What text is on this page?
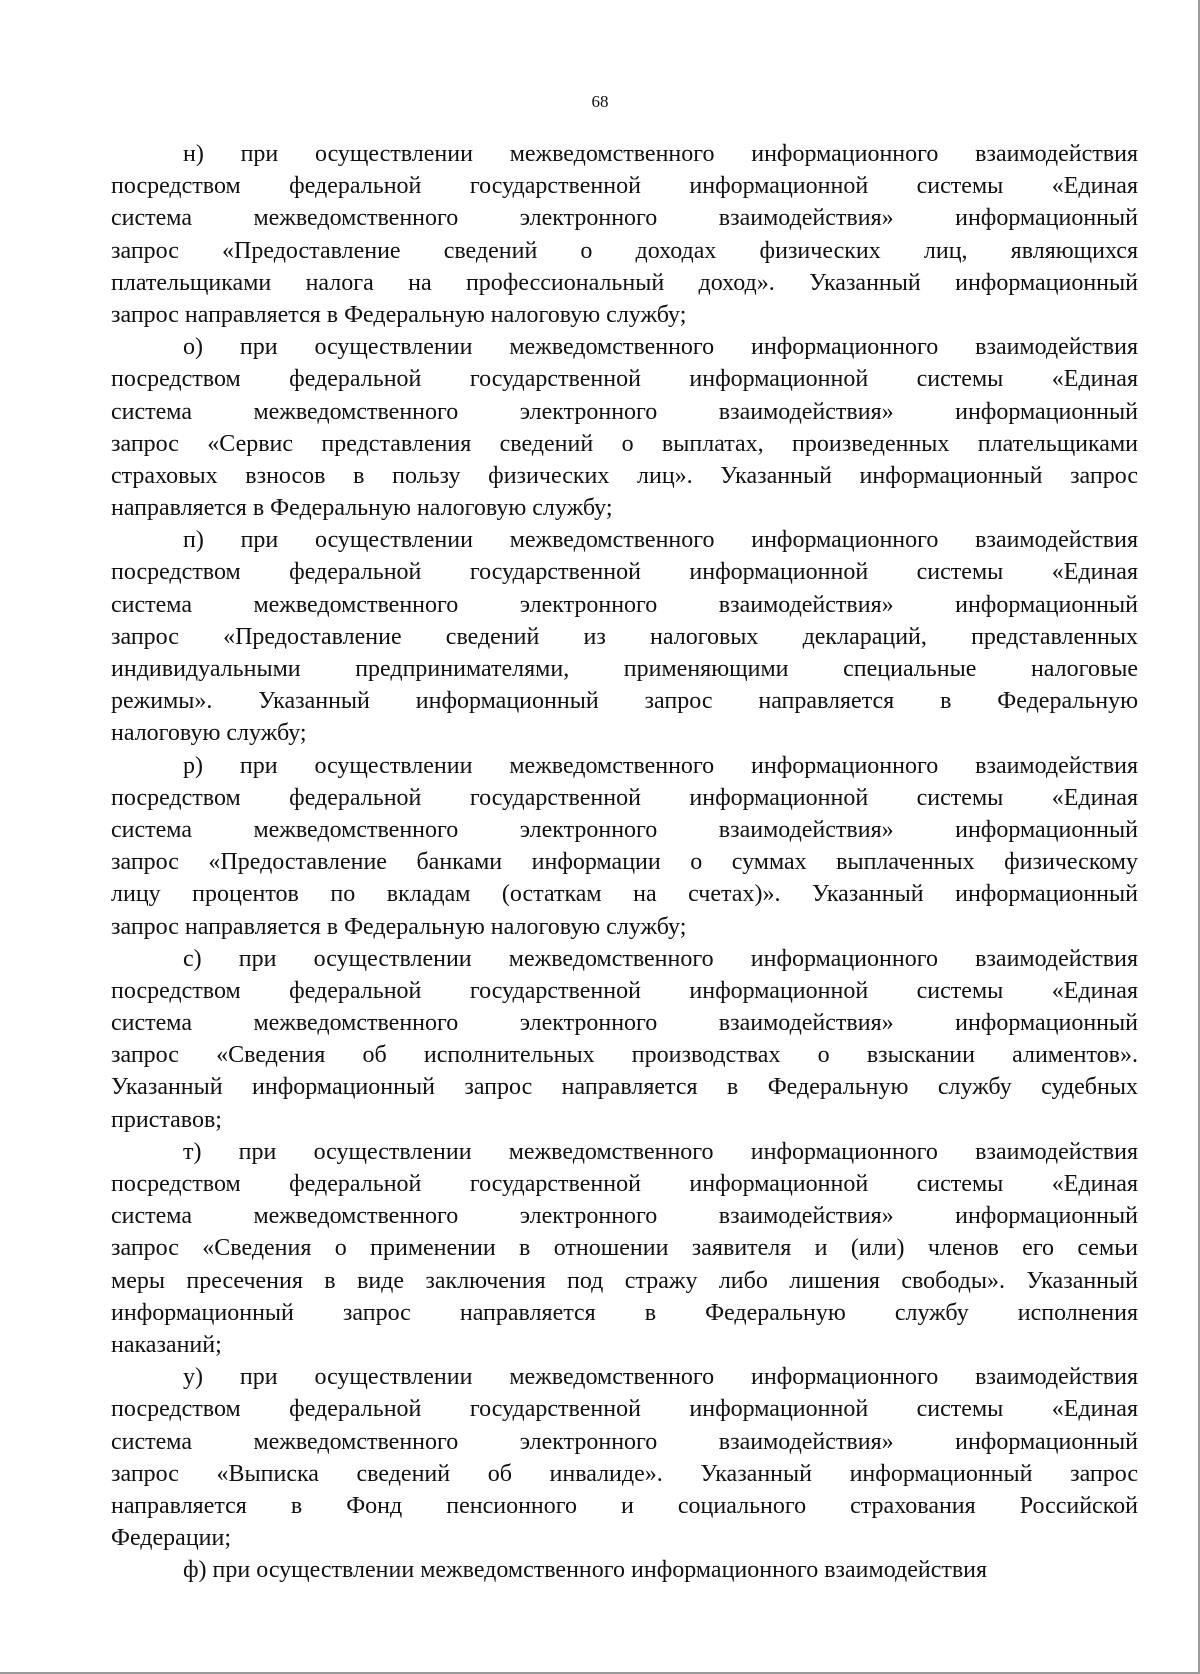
68
н) при осуществлении межведомственного информационного взаимодействия
посредством федеральной государственной информационной системы «Единая
система межведомственного электронного взаимодействия» информационный
запрос «Предоставление сведений о доходах физических лиц, являющихся
плательщиками налога на профессиональный доход». Указанный информационный
запрос направляется в Федеральную налоговую службу;
о) при осуществлении межведомственного информационного взаимодействия
посредством федеральной государственной информационной системы «Единая
система межведомственного электронного взаимодействия» информационный
запрос «Сервис представления сведений о выплатах, произведенных плательщиками
страховых взносов в пользу физических лиц». Указанный информационный запрос
направляется в Федеральную налоговую службу;
п) при осуществлении межведомственного информационного взаимодействия
посредством федеральной государственной информационной системы «Единая
система межведомственного электронного взаимодействия» информационный
запрос «Предоставление сведений из налоговых деклараций, представленных
индивидуальными предпринимателями, применяющими специальные налоговые
режимы». Указанный информационный запрос направляется в Федеральную
налоговую службу;
р) при осуществлении межведомственного информационного взаимодействия
посредством федеральной государственной информационной системы «Единая
система межведомственного электронного взаимодействия» информационный
запрос «Предоставление банками информации о суммах выплаченных физическому
лицу процентов по вкладам (остаткам на счетах)». Указанный информационный
запрос направляется в Федеральную налоговую службу;
с) при осуществлении межведомственного информационного взаимодействия
посредством федеральной государственной информационной системы «Единая
система межведомственного электронного взаимодействия» информационный
запрос «Сведения об исполнительных производствах о взыскании алиментов».
Указанный информационный запрос направляется в Федеральную службу судебных
приставов;
т) при осуществлении межведомственного информационного взаимодействия
посредством федеральной государственной информационной системы «Единая
система межведомственного электронного взаимодействия» информационный
запрос «Сведения о применении в отношении заявителя и (или) членов его семьи
меры пресечения в виде заключения под стражу либо лишения свободы». Указанный
информационный запрос направляется в Федеральную службу исполнения
наказаний;
у) при осуществлении межведомственного информационного взаимодействия
посредством федеральной государственной информационной системы «Единая
система межведомственного электронного взаимодействия» информационный
запрос «Выписка сведений об инвалиде». Указанный информационный запрос
направляется в Фонд пенсионного и социального страхования Российской
Федерации;
ф) при осуществлении межведомственного информационного взаимодействия
